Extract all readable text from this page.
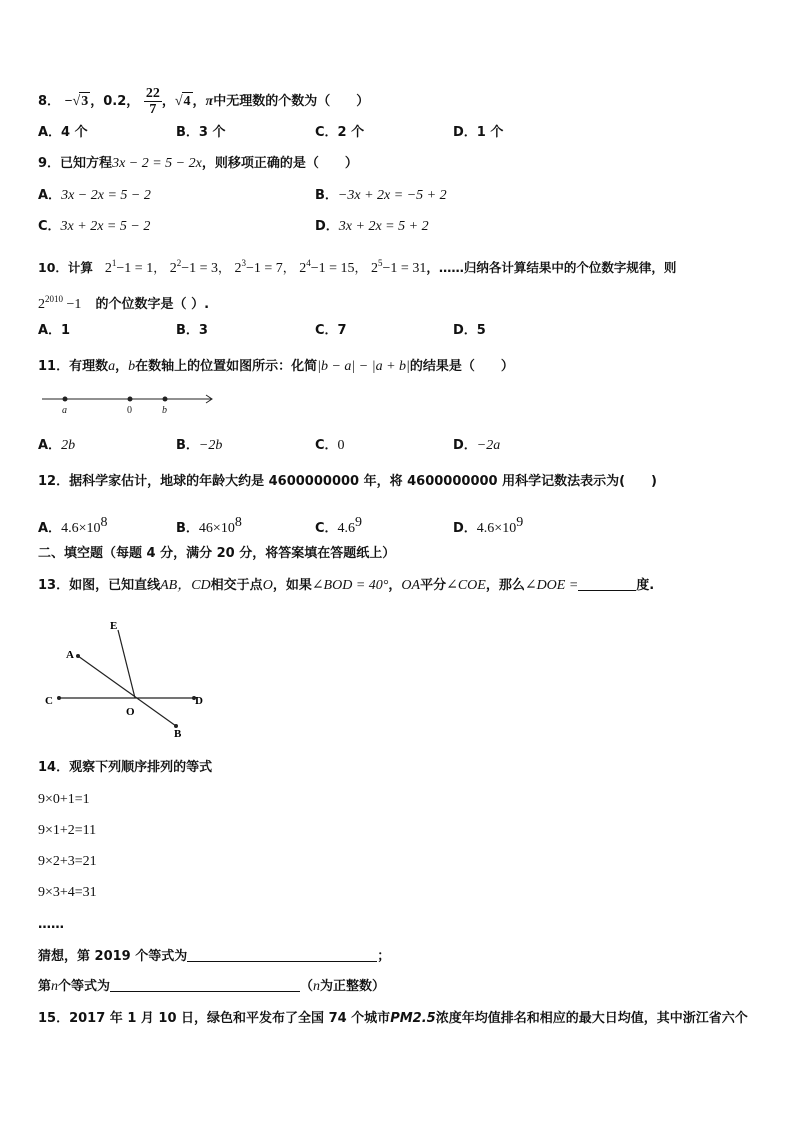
8． −√3 ，0.2， $\frac{22}{7}$ ，√4 ，π中无理数的个数为（　　）
A．4 个	B．3 个	C．2 个	D．1 个
9．已知方程3x − 2 = 5 − 2x，则移项正确的是（　　）
A．3x − 2x = 5 − 2	B．−3x + 2x = −5 + 2
C．3x + 2x = 5 − 2	D．3x + 2x = 5 + 2
10．计算 $2^1-1 = 1$， $2^2-1 = 3$， $2^3-1 = 7$， $2^4-1 = 15$， $2^5-1 = 31$，……归纳各计算结果中的个位数字规律，则
$2^{2010} -1$ 的个位数字是（ ）.
A．1	B．3	C．7	D．5
11．有理数a，b在数轴上的位置如图所示：化简|b − a| − |a + b|的结果是（　　）
a	0	b
A．2b	B．−2b	C．0	D．−2a
12．据科学家估计，地球的年龄大约是 4600000000 年，将 4600000000 用科学记数法表示为(　　)
A．$4.6\times 10^8$	B．$46\times 10^8$	C．$4.6^9$	D．$4.6\times 10^9$
二、填空题（每题 4 分，满分 20 分，将答案填在答题纸上）
13．如图，已知直线AB，CD相交于点O，如果∠BOD = 40°，OA平分∠COE，那么∠DOE =	度.
E
A
C
O
D
B
14．观察下列顺序排列的等式
9×0+1=1
9×1+2=11
9×2+3=21
9×3+4=31
……
猜想，第 2019 个等式为	；
第n个等式为	（n为正整数）
15．2017 年 1 月 10 日，绿色和平发布了全国 74 个城市PM2.5浓度年均值排名和相应的最大日均值，其中浙江省六个
